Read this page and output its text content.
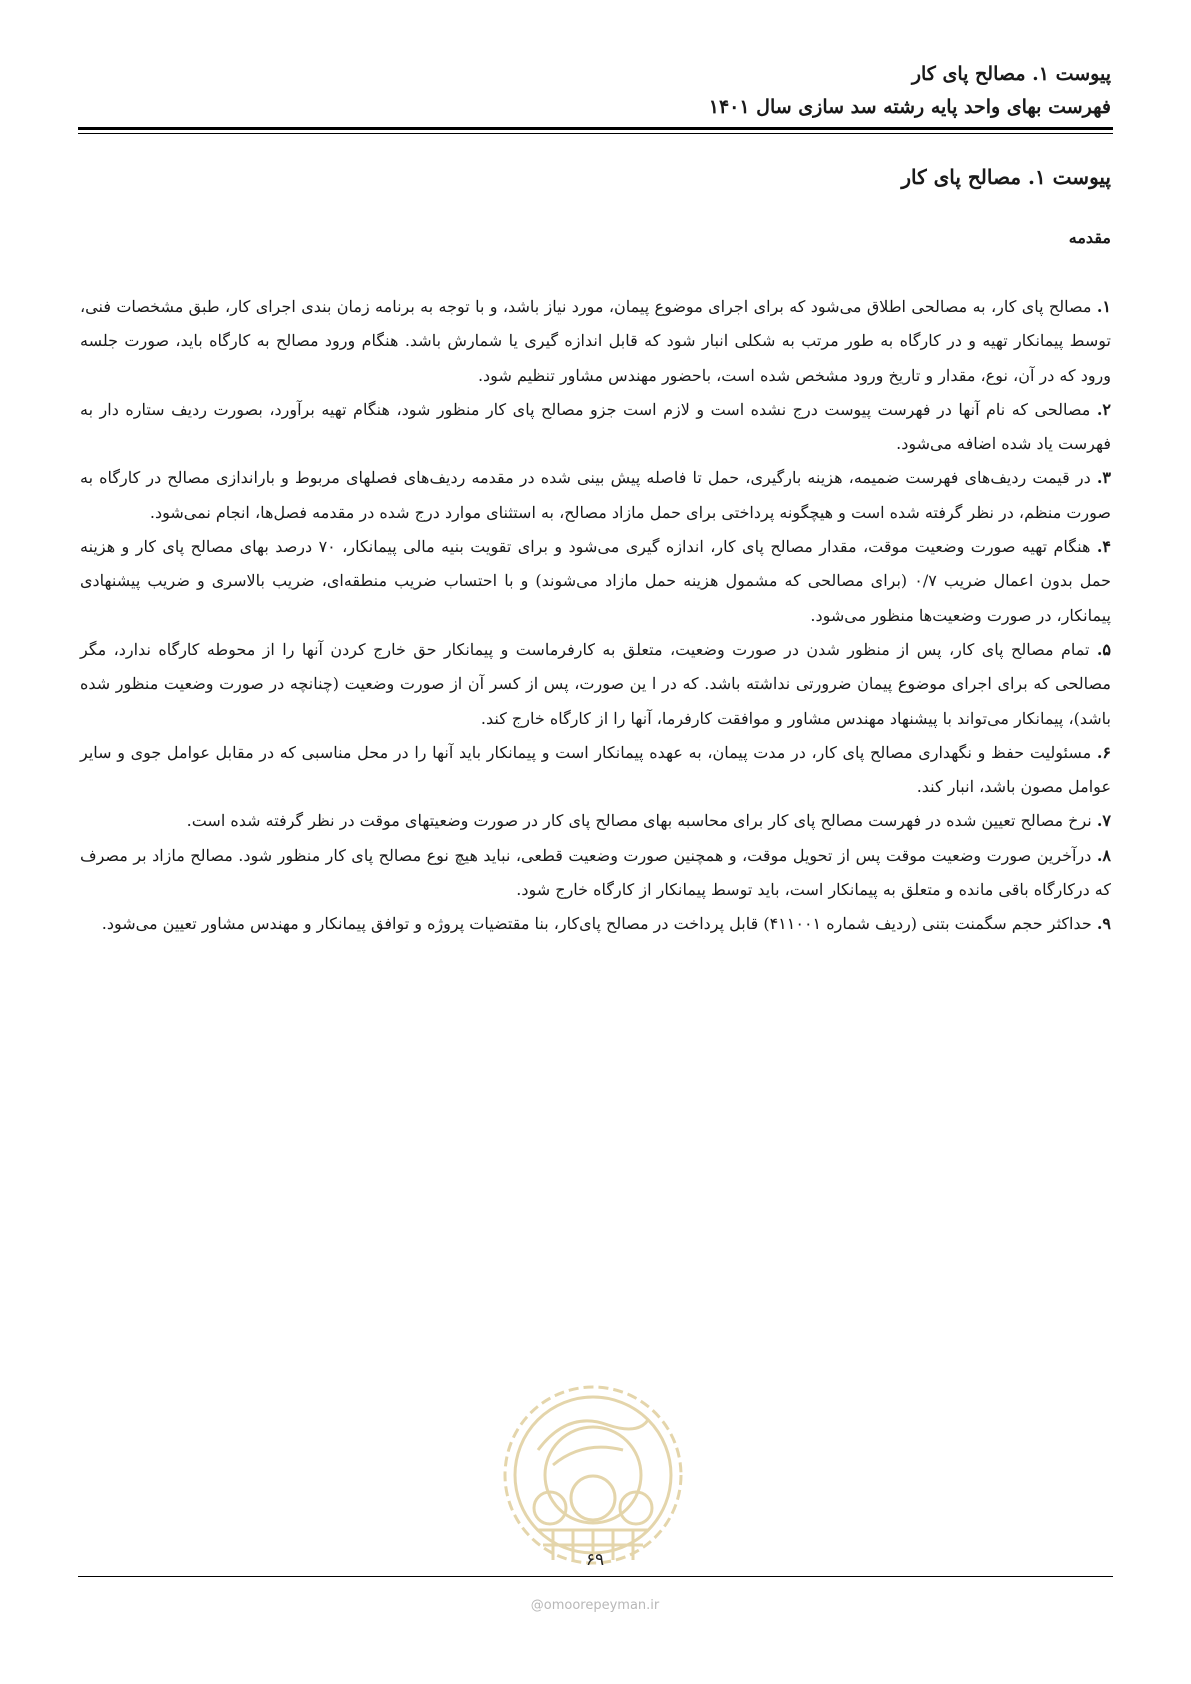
پیوست ۱. مصالح پای کار

فهرست بهای واحد پایه رشته سد سازی سال ۱۴۰۱

پیوست ۱. مصالح پای کار
مقدمه

۱. مصالح پای کار، به مصالحی اطلاق می‌شود که برای اجرای موضوع پیمان، مورد نیاز باشد، و با توجه به برنامه زمان بندی اجرای کار، طبق مشخصات فنی، توسط پیمانکار تهیه و در کارگاه به طور مرتب به شکلی انبار شود که قابل اندازه گیری یا شمارش باشد. هنگام ورود مصالح به کارگاه باید، صورت جلسه ورود که در آن، نوع، مقدار و تاریخ ورود مشخص شده است، باحضور مهندس مشاور تنظیم شود.

۲. مصالحی که نام آنها در فهرست پیوست درج نشده است و لازم است جزو مصالح پای کار منظور شود، هنگام تهیه برآورد، بصورت ردیف ستاره دار به فهرست یاد شده اضافه می‌شود.

۳. در قیمت ردیف‌های فهرست ضمیمه، هزینه بارگیری، حمل تا فاصله پیش بینی شده در مقدمه ردیف‌های فصلهای مربوط و باراندازی مصالح در کارگاه به صورت منظم، در نظر گرفته شده است و هیچگونه پرداختی برای حمل مازاد مصالح، به استثنای موارد درج شده در مقدمه فصل‌ها، انجام نمی‌شود.

۴. هنگام تهیه صورت وضعیت موقت، مقدار مصالح پای کار، اندازه گیری می‌شود و برای تقویت بنیه مالی پیمانکار، ۷۰ درصد بهای مصالح پای کار و هزینه حمل بدون اعمال ضریب ۰/۷ (برای مصالحی که مشمول هزینه حمل مازاد می‌شوند) و با احتساب ضریب منطقه‌ای، ضریب بالاسری و ضریب پیشنهادی پیمانکار، در صورت وضعیت‌ها منظور می‌شود.

۵. تمام مصالح پای کار، پس از منظور شدن در صورت وضعیت، متعلق به کارفرماست و پیمانکار حق خارج کردن آنها را از محوطه کارگاه ندارد، مگر مصالحی که برای اجرای موضوع پیمان ضرورتی نداشته باشد. که در ا ین صورت، پس از کسر آن از صورت وضعیت (چنانچه در صورت وضعیت منظور شده باشد)، پیمانکار می‌تواند با پیشنهاد مهندس مشاور و موافقت کارفرما، آنها را از کارگاه خارج کند.

۶. مسئولیت حفظ و نگهداری مصالح پای کار، در مدت پیمان، به عهده پیمانکار است و پیمانکار باید آنها را در محل مناسبی که در مقابل عوامل جوی و سایر عوامل مصون باشد، انبار کند.

۷. نرخ مصالح تعیین شده در فهرست مصالح پای کار برای محاسبه بهای مصالح پای کار در صورت وضعیتهای موقت در نظر گرفته شده است.

۸. درآخرین صورت وضعیت موقت پس از تحویل موقت، و همچنین صورت وضعیت قطعی، نباید هیچ نوع مصالح پای کار منظور شود. مصالح مازاد بر مصرف که درکارگاه باقی مانده و متعلق به پیمانکار است، باید توسط پیمانکار از کارگاه خارج شود.

۹. حداکثر حجم سگمنت بتنی (ردیف شماره ۴۱۱۰۰۱) قابل پرداخت در مصالح پای‌کار، بنا مقتضیات پروژه و توافق پیمانکار و مهندس مشاور تعیین می‌شود.

۶۹
@omoorepeyman.ir
